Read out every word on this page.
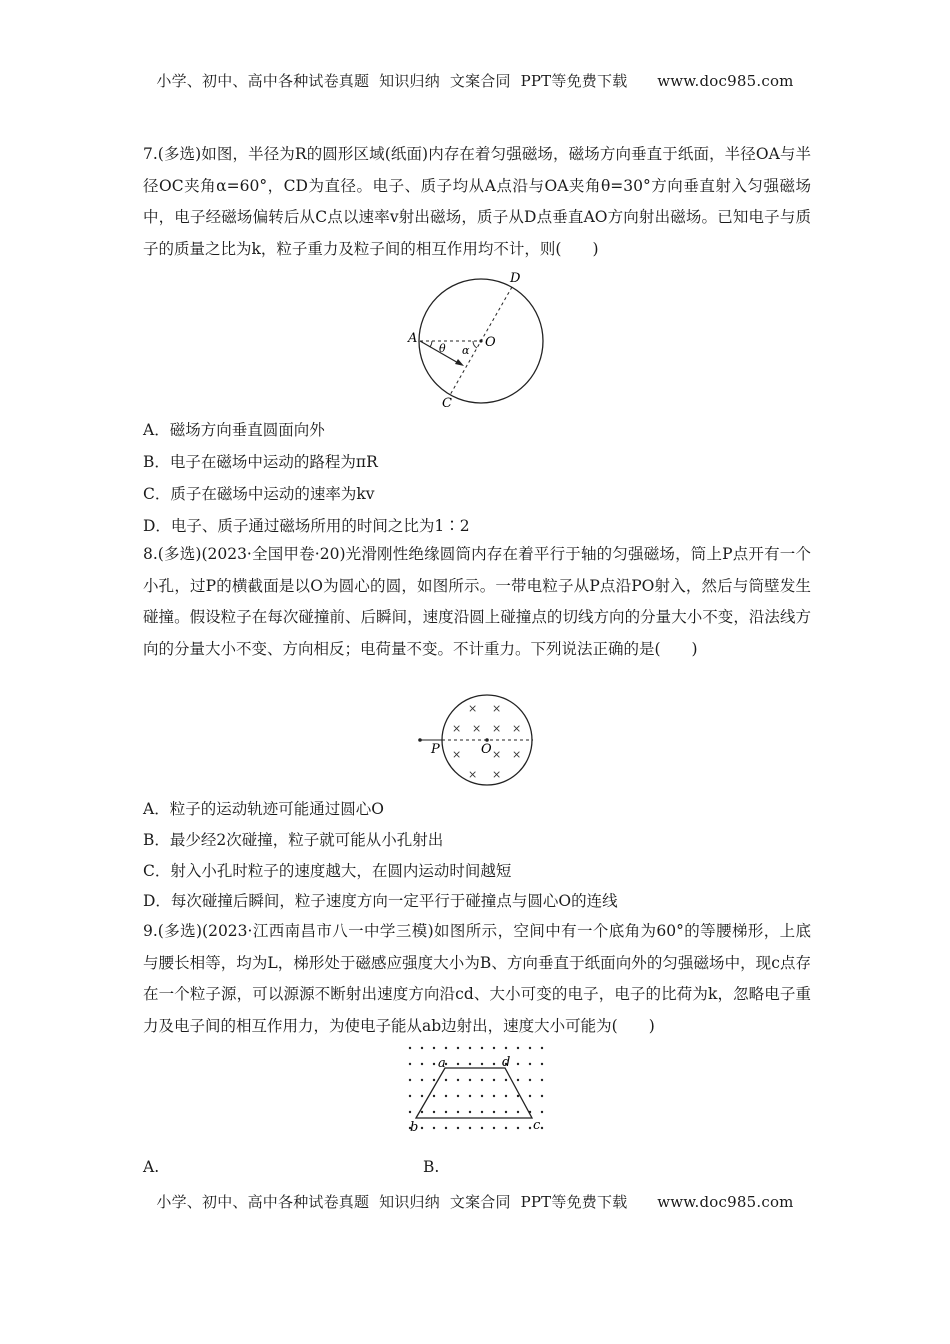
小学、初中、高中各种试卷真题  知识归纳  文案合同  PPT等免费下载      www.doc985.com
7.(多选)如图，半径为R的圆形区域(纸面)内存在着匀强磁场，磁场方向垂直于纸面，半径OA与半径OC夹角α=60°，CD为直径。电子、质子均从A点沿与OA夹角θ=30°方向垂直射入匀强磁场中，电子经磁场偏转后从C点以速率v射出磁场，质子从D点垂直AO方向射出磁场。已知电子与质子的质量之比为k，粒子重力及粒子间的相互作用均不计，则(　　)
A	O
D
C
θ α
A．磁场方向垂直圆面向外
B．电子在磁场中运动的路程为πR
C．质子在磁场中运动的速率为kv
D．电子、质子通过磁场所用的时间之比为1∶2
8.(多选)(2023·全国甲卷·20)光滑刚性绝缘圆筒内存在着平行于轴的匀强磁场，筒上P点开有一个小孔，过P的横截面是以O为圆心的圆，如图所示。一带电粒子从P点沿PO射入，然后与筒壁发生碰撞。假设粒子在每次碰撞前、后瞬间，速度沿圆上碰撞点的切线方向的分量大小不变，沿法线方向的分量大小不变、方向相反；电荷量不变。不计重力。下列说法正确的是(　　)
× ×
× × × ×
×	× ×
× ×
P	O
A．粒子的运动轨迹可能通过圆心O
B．最少经2次碰撞，粒子就可能从小孔射出
C．射入小孔时粒子的速度越大，在圆内运动时间越短
D．每次碰撞后瞬间，粒子速度方向一定平行于碰撞点与圆心O的连线
9.(多选)(2023·江西南昌市八一中学三模)如图所示，空间中有一个底角为60°的等腰梯形，上底与腰长相等，均为L，梯形处于磁感应强度大小为B、方向垂直于纸面向外的匀强磁场中，现c点存在一个粒子源，可以源源不断射出速度方向沿cd、大小可变的电子，电子的比荷为k，忽略电子重力及电子间的相互作用力，为使电子能从ab边射出，速度大小可能为(　　)
a	d
b	c
A.	B.
小学、初中、高中各种试卷真题  知识归纳  文案合同  PPT等免费下载      www.doc985.com
